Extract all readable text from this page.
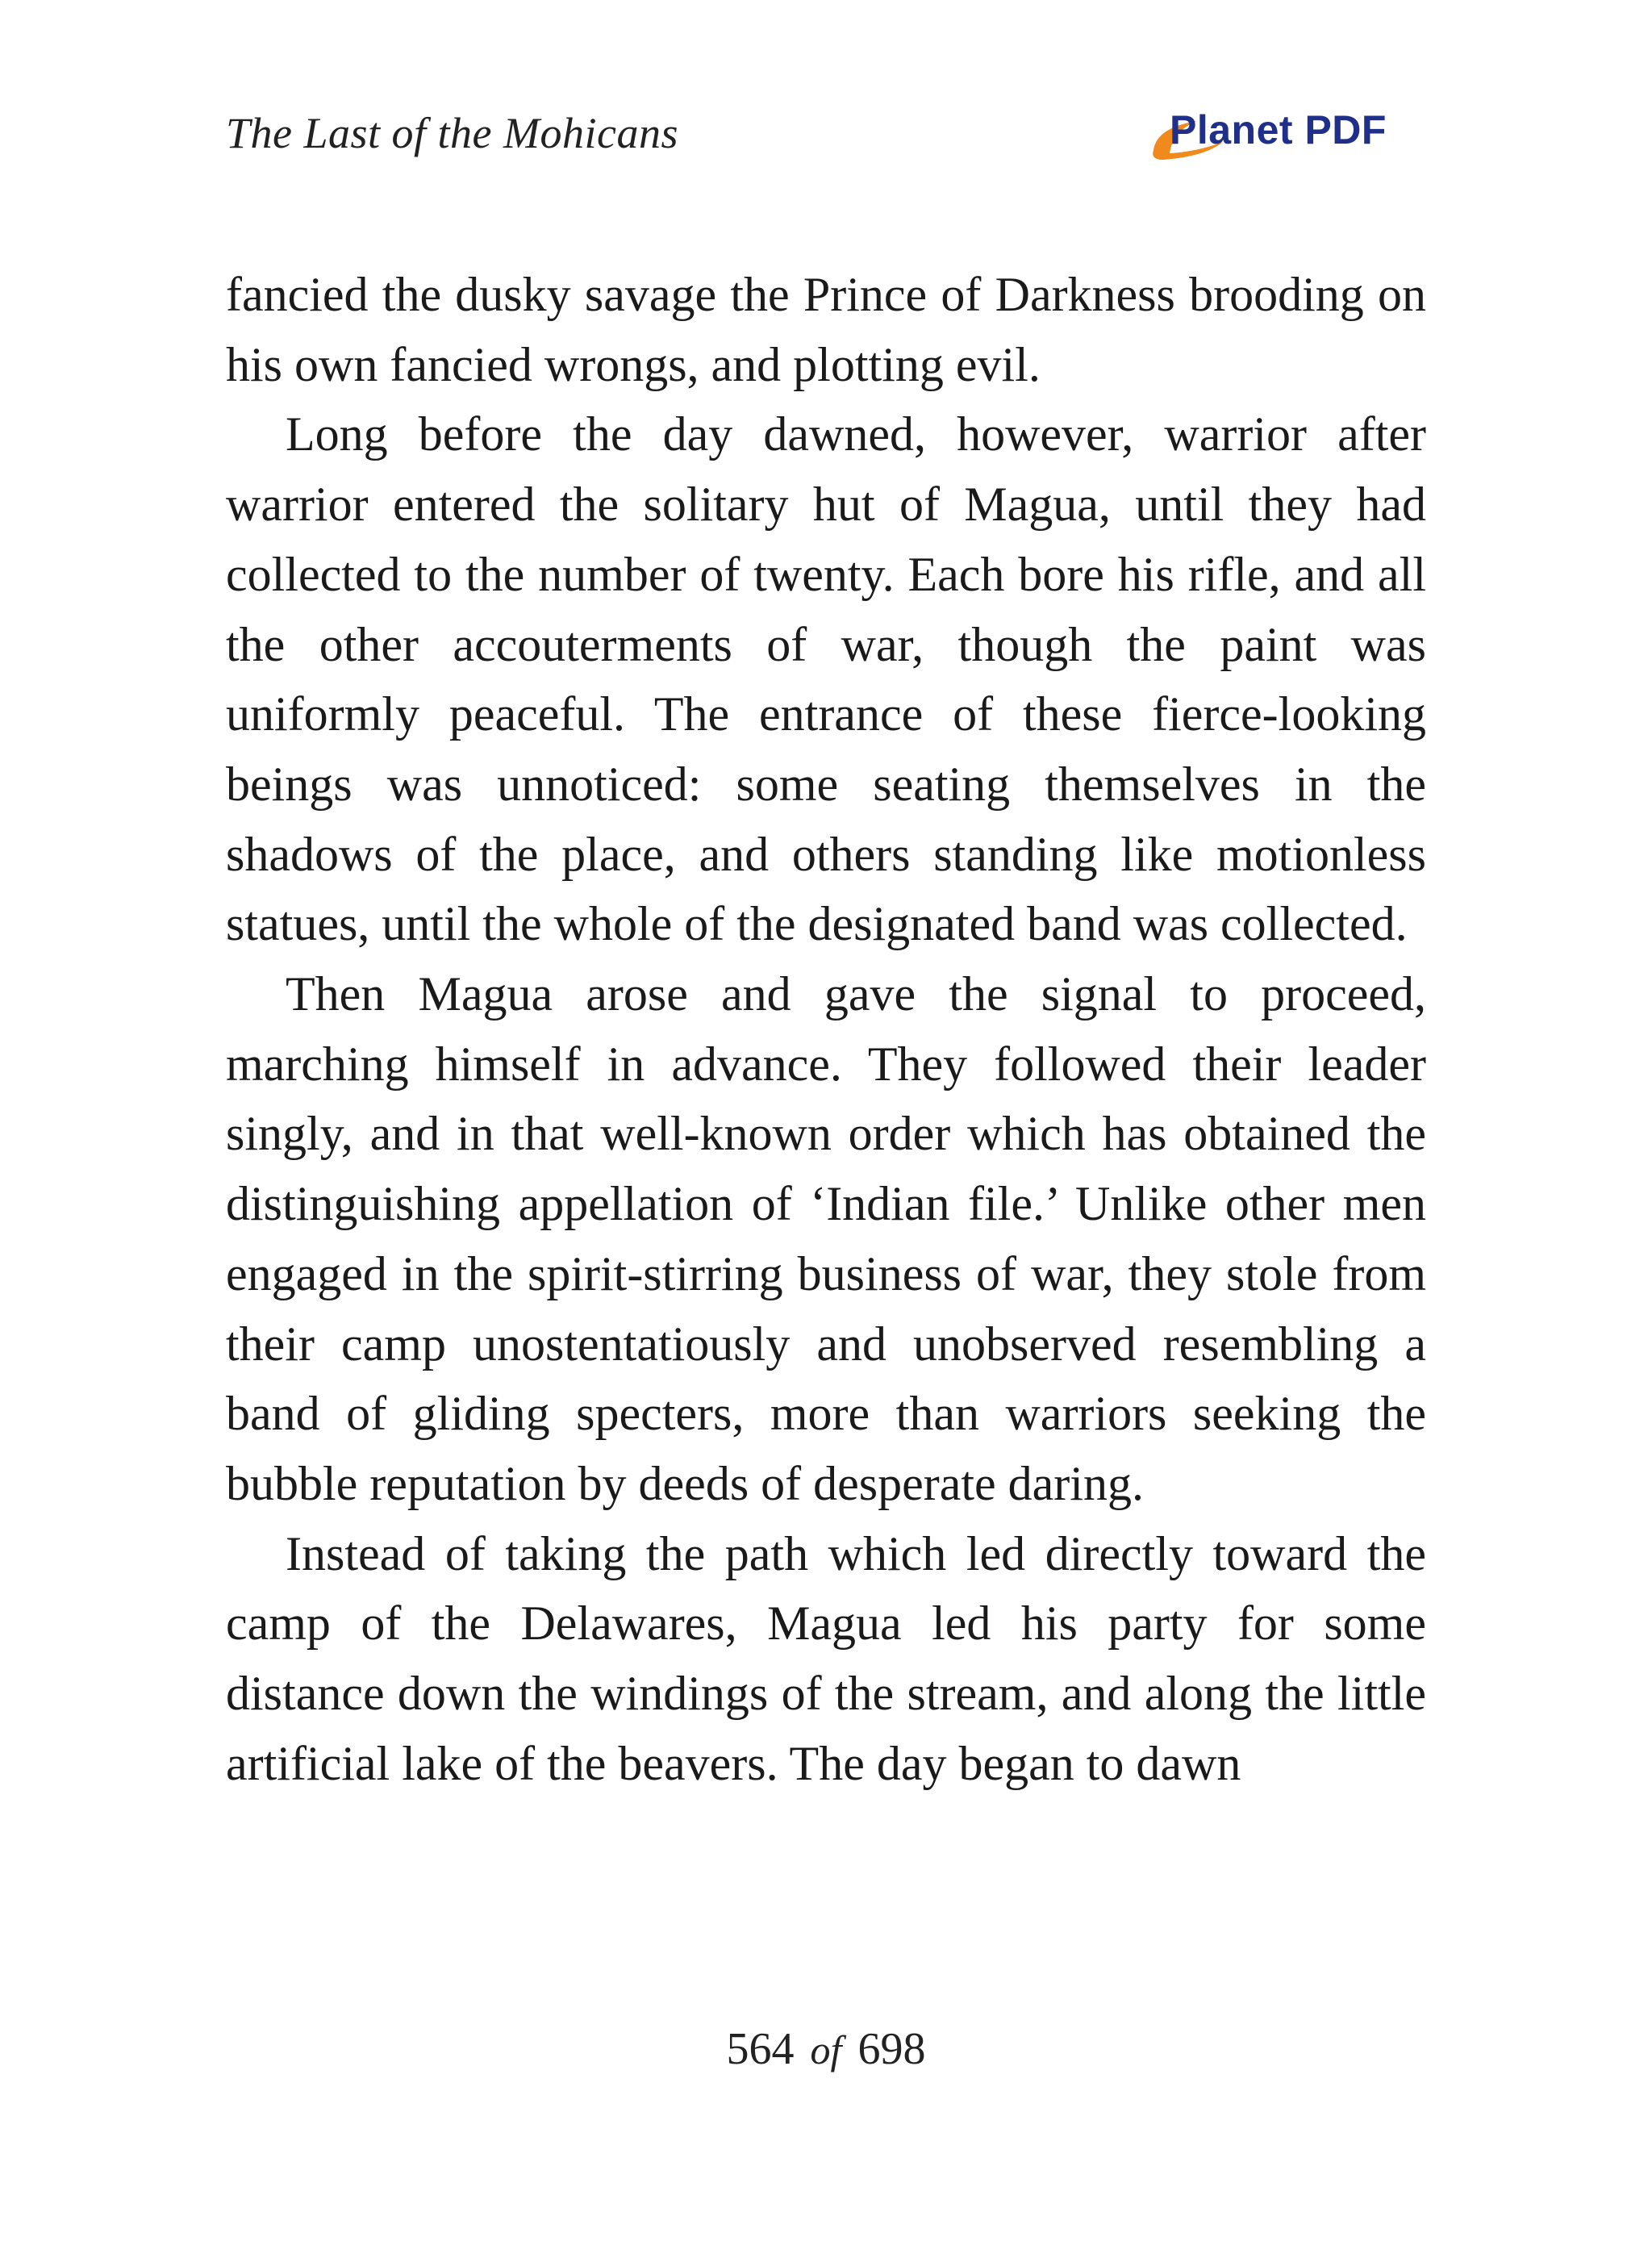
The Last of the Mohicans	Planet PDF

fancied the dusky savage the Prince of Darkness brooding on his own fancied wrongs, and plotting evil.

Long before the day dawned, however, warrior after warrior entered the solitary hut of Magua, until they had collected to the number of twenty. Each bore his rifle, and all the other accouterments of war, though the paint was uniformly peaceful. The entrance of these fierce-looking beings was unnoticed: some seating themselves in the shadows of the place, and others standing like motionless statues, until the whole of the designated band was collected.

Then Magua arose and gave the signal to proceed, marching himself in advance. They followed their leader singly, and in that well-known order which has obtained the distinguishing appellation of ‘Indian file.’ Unlike other men engaged in the spirit-stirring business of war, they stole from their camp unostentatiously and unobserved resembling a band of gliding specters, more than warriors seeking the bubble reputation by deeds of desperate daring.

Instead of taking the path which led directly toward the camp of the Delawares, Magua led his party for some distance down the windings of the stream, and along the little artificial lake of the beavers. The day began to dawn

564 of 698
